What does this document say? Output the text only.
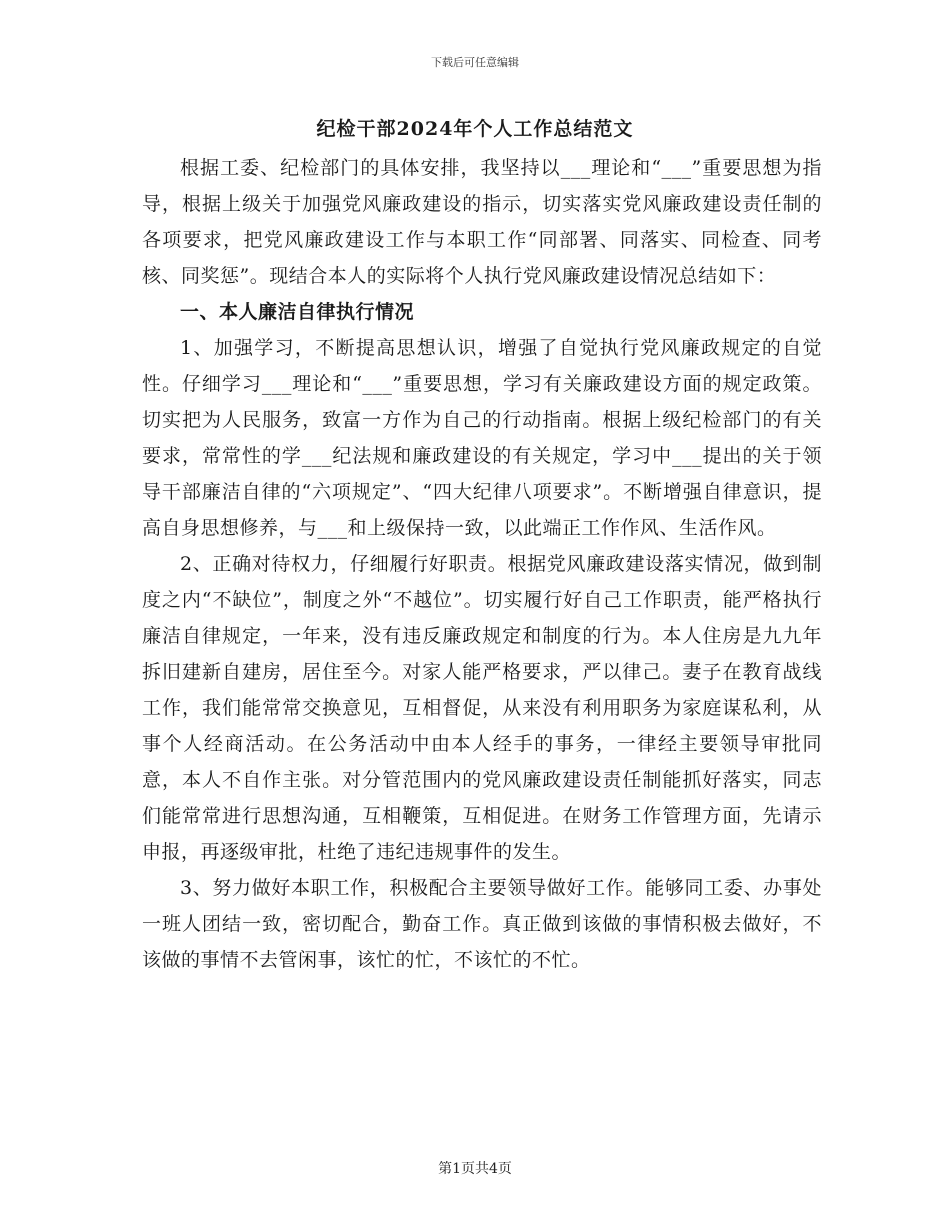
下载后可任意编辑
纪检干部2024年个人工作总结范文

根据工委、纪检部门的具体安排，我坚持以___理论和“___”重要思想为指导，根据上级关于加强党风廉政建设的指示，切实落实党风廉政建设责任制的各项要求，把党风廉政建设工作与本职工作“同部署、同落实、同检查、同考核、同奖惩”。现结合本人的实际将个人执行党风廉政建设情况总结如下：

一、本人廉洁自律执行情况

1、加强学习，不断提高思想认识，增强了自觉执行党风廉政规定的自觉性。仔细学习___理论和“___”重要思想，学习有关廉政建设方面的规定政策。切实把为人民服务，致富一方作为自己的行动指南。根据上级纪检部门的有关要求，常常性的学___纪法规和廉政建设的有关规定，学习中___提出的关于领导干部廉洁自律的“六项规定”、“四大纪律八项要求”。不断增强自律意识，提高自身思想修养，与___和上级保持一致，以此端正工作作风、生活作风。

2、正确对待权力，仔细履行好职责。根据党风廉政建设落实情况，做到制度之内“不缺位”，制度之外“不越位”。切实履行好自己工作职责，能严格执行廉洁自律规定，一年来，没有违反廉政规定和制度的行为。本人住房是九九年拆旧建新自建房，居住至今。对家人能严格要求，严以律己。妻子在教育战线工作，我们能常常交换意见，互相督促，从来没有利用职务为家庭谋私利，从事个人经商活动。在公务活动中由本人经手的事务，一律经主要领导审批同意，本人不自作主张。对分管范围内的党风廉政建设责任制能抓好落实，同志们能常常进行思想沟通，互相鞭策，互相促进。在财务工作管理方面，先请示申报，再逐级审批，杜绝了违纪违规事件的发生。

3、努力做好本职工作，积极配合主要领导做好工作。能够同工委、办事处一班人团结一致，密切配合，勤奋工作。真正做到该做的事情积极去做好，不该做的事情不去管闲事，该忙的忙，不该忙的不忙。

第1页共4页
